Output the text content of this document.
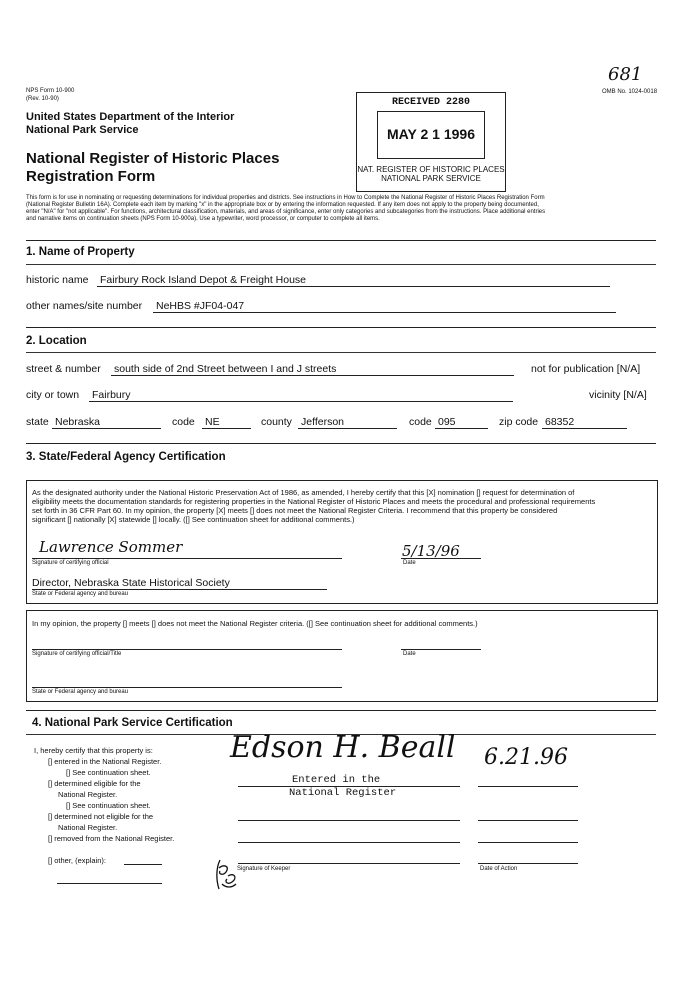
NPS Form 10-900
(Rev. 10-90)
681
OMB No. 1024-0018
United States Department of the Interior
National Park Service
National Register of Historic Places
Registration Form
RECEIVED 2280
MAY 2 1 1996
NAT. REGISTER OF HISTORIC PLACES
NATIONAL PARK SERVICE
This form is for use in nominating or requesting determinations for individual properties and districts. See instructions in How to Complete the National Register of Historic Places Registration Form
(National Register Bulletin 16A). Complete each item by marking "x" in the appropriate box or by entering the information requested. If any item does not apply to the property being documented,
enter "N/A" for "not applicable". For functions, architectural classification, materials, and areas of significance, enter only categories and subcategories from the instructions. Place additional entries
and narrative items on continuation sheets (NPS Form 10-900a). Use a typewriter, word processor, or computer to complete all items.
1. Name of Property
historic name Fairbury Rock Island Depot & Freight House
other names/site number NeHBS #JF04-047
2. Location
street & number south side of 2nd Street between I and J streets	not for publication [N/A]
city or town Fairbury	vicinity [N/A]
state Nebraska	code NE	county Jefferson	code 095	zip code 68352
3. State/Federal Agency Certification
As the designated authority under the National Historic Preservation Act of 1986, as amended, I hereby certify that this [X] nomination [] request for determination of
eligibility meets the documentation standards for registering properties in the National Register of Historic Places and meets the procedural and professional requirements
set forth in 36 CFR Part 60. In my opinion, the property [X] meets [] does not meet the National Register Criteria. I recommend that this property be considered
significant [] nationally [X] statewide [] locally. ([] See continuation sheet for additional comments.)
Lawrence Sommer
Signature of certifying official
5/13/96
Date
Director, Nebraska State Historical Society
State or Federal agency and bureau
In my opinion, the property [] meets [] does not meet the National Register criteria. ([] See continuation sheet for additional comments.)
Signature of certifying official/Title	Date
State or Federal agency and bureau
4. National Park Service Certification
I, hereby certify that this property is:
[] entered in the National Register.
[] See continuation sheet.
[] determined eligible for the
National Register.
[] See continuation sheet.
[] determined not eligible for the
National Register.
[] removed from the National Register.
[] other, (explain):
Edson H. Beall 6.21.96
Entered in the
National Register
Signature of Keeper	Date of Action
